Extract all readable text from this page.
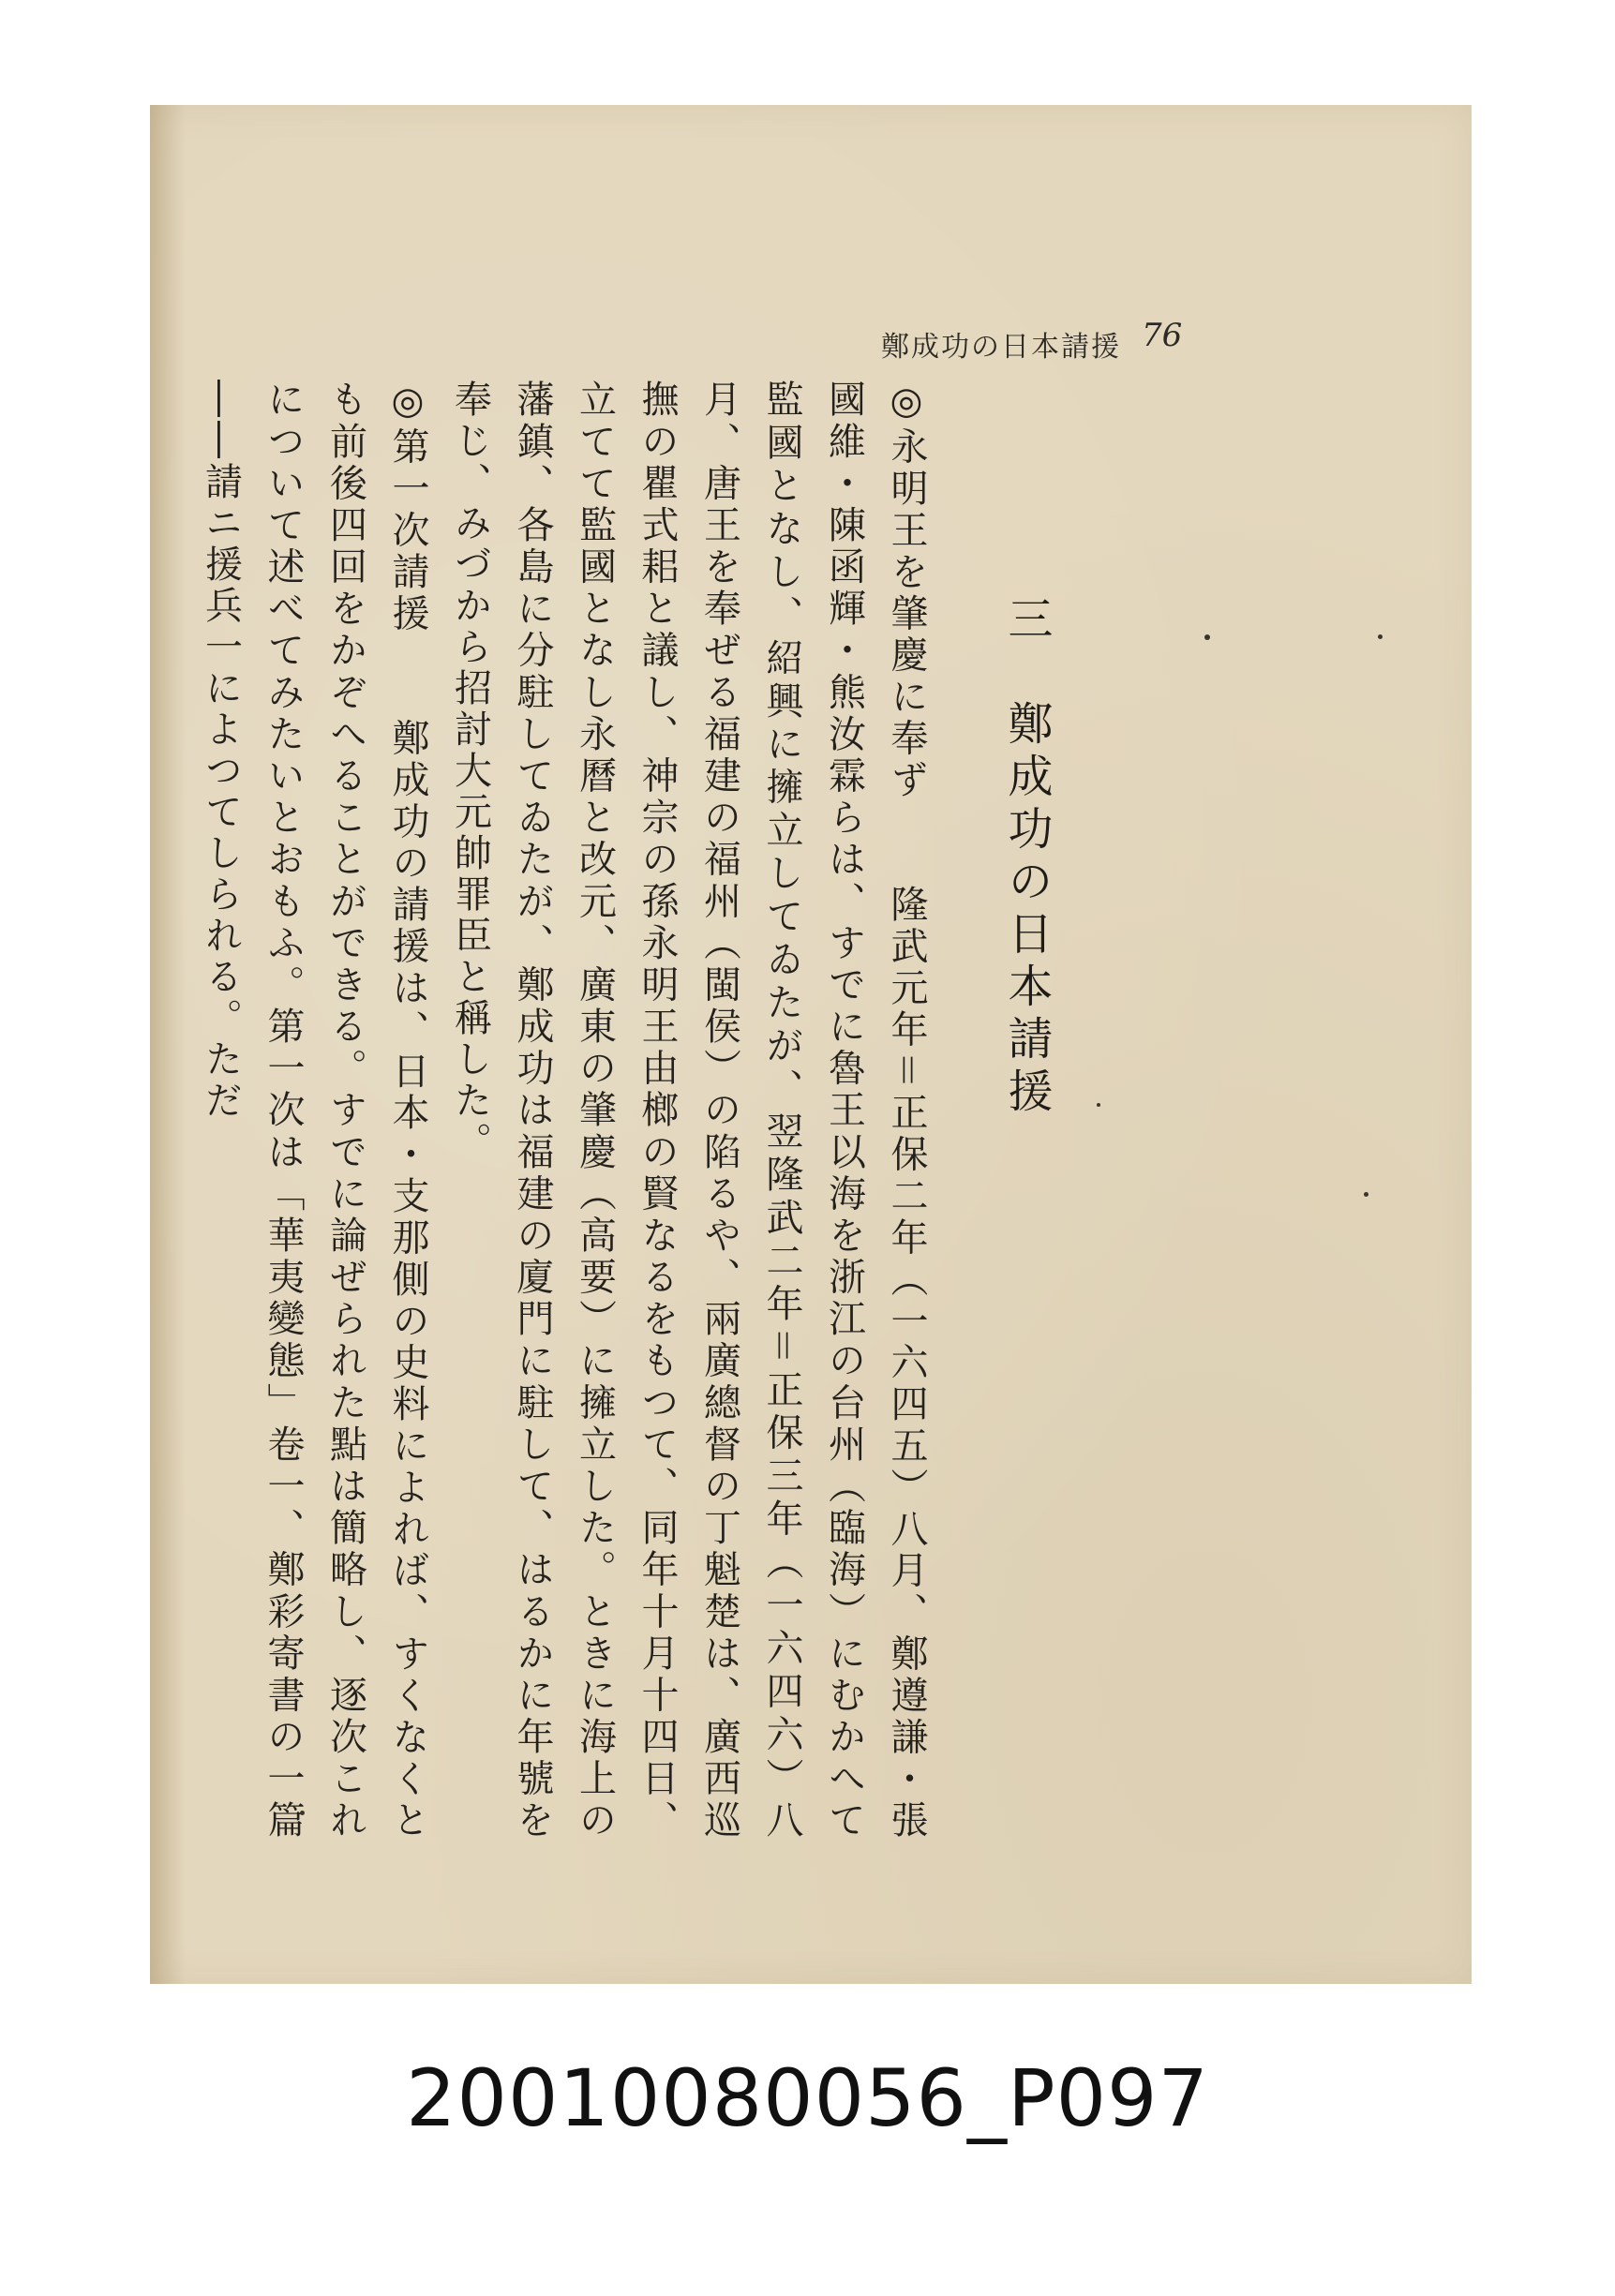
鄭成功の日本請援 76
三　鄭成功の日本請援

◎永明王を肇慶に奉ず　　隆武元年＝正保二年（一六四五）八月、鄭遵謙・張國維・陳函輝・熊汝霖らは、すでに魯王以海を浙江の台州（臨海）にむかへて監國となし、紹興に擁立してゐたが、翌隆武二年＝正保三年（一六四六）八月、唐王を奉ぜる福建の福州（閩侯）の陷るや、兩廣總督の丁魁楚は、廣西巡撫の瞿式耜と議し、神宗の孫永明王由榔の賢なるをもつて、同年十月十四日、立てて監國となし永曆と改元、廣東の肇慶（高要）に擁立した。ときに海上の藩鎮、各島に分駐してゐたが、鄭成功は福建の廈門に駐して、はるかに年號を奉じ、みづから招討大元帥罪臣と稱した。

◎第一次請援　　鄭成功の請援は、日本・支那側の史料によれば、すくなくとも前後四回をかぞへることができる。すでに論ぜられた點は簡略し、逐次これについて述べてみたいとおもふ。第一次は「華夷變態」卷一、鄭彩寄書の一篇――請ニ援兵一によつてしられる。ただ

20010080056_P097
